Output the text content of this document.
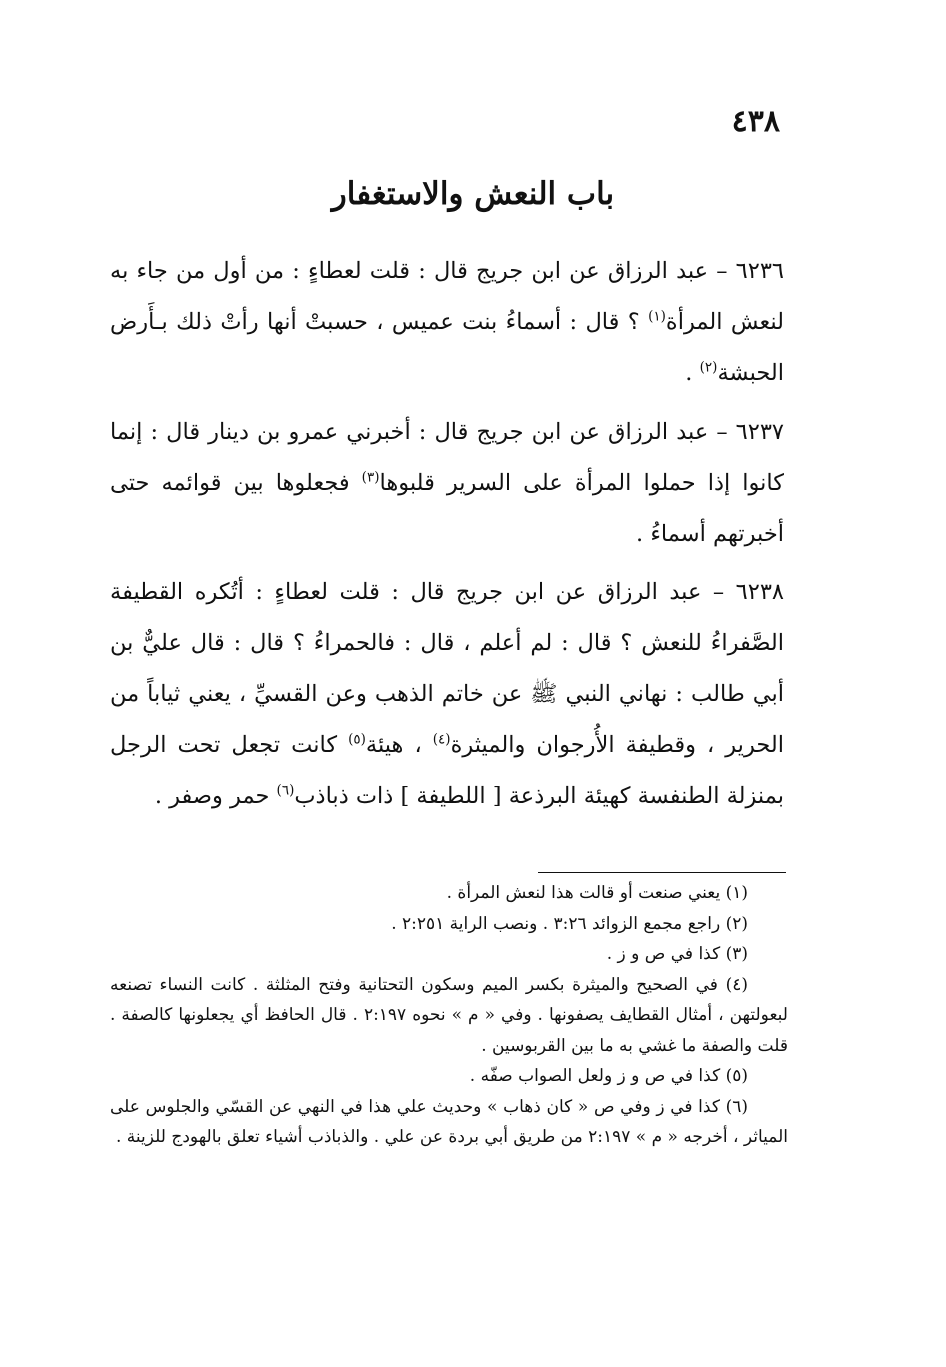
٤٣٨
باب النعش والاستغفار
٦٢٣٦ – عبد الرزاق عن ابن جريج قال : قلت لعطاءٍ : من أول من جاء به لنعش المرأة$^{(١)}$ ؟ قال : أسماءُ بنت عميس ، حسبتْ أنها رأتْ ذلك بـأَرض الحبشة$^{(٢)}$ .
٦٢٣٧ – عبد الرزاق عن ابن جريج قال : أخبرني عمرو بن دينار قال : إنما كانوا إذا حملوا المرأة على السرير قلبوها$^{(٣)}$ فجعلوها بين قوائمه حتى أخبرتهم أسماءُ .
٦٢٣٨ – عبد الرزاق عن ابن جريج قال : قلت لعطاءٍ : أتُكره القطيفة الصَّفراءُ للنعش ؟ قال : لم أعلم ، قال : فالحمراءُ ؟ قال : قال عليٌّ بن أبي طالب : نهاني النبي ﷺ عن خاتم الذهب وعن القسيِّ ، يعني ثياباً من الحرير ، وقطيفة الأُرجوان والميثرة$^{(٤)}$ ، هيئة$^{(٥)}$ كانت تجعل تحت الرجل بمنزلة الطنفسة كهيئة البرذعة [ اللطيفة ] ذات ذباذب$^{(٦)}$ حمر وصفر .

(١) يعني صنعت أو قالت هذا لنعش المرأة .

(٢) راجع مجمع الزوائد ٣:٢٦ . ونصب الراية ٢:٢٥١ .

(٣) كذا في ص و ز .

(٤) في الصحيح والميثرة بكسر الميم وسكون التحتانية وفتح المثلثة . كانت النساء تصنعه لبعولتهن ، أمثال القطايف يصفونها . وفي « م » نحوه ٢:١٩٧ . قال الحافظ أي يجعلونها كالصفة . قلت والصفة ما غشي به ما بين القربوسين .

(٥) كذا في ص و ز ولعل الصواب صفّه .

(٦) كذا في ز وفي ص « كان ذهاب » وحديث علي هذا في النهي عن القسّي والجلوس على المياثر ، أخرجه « م » ٢:١٩٧ من طريق أبي بردة عن علي . والذباذب أشياء تعلق بالهودج للزينة .
